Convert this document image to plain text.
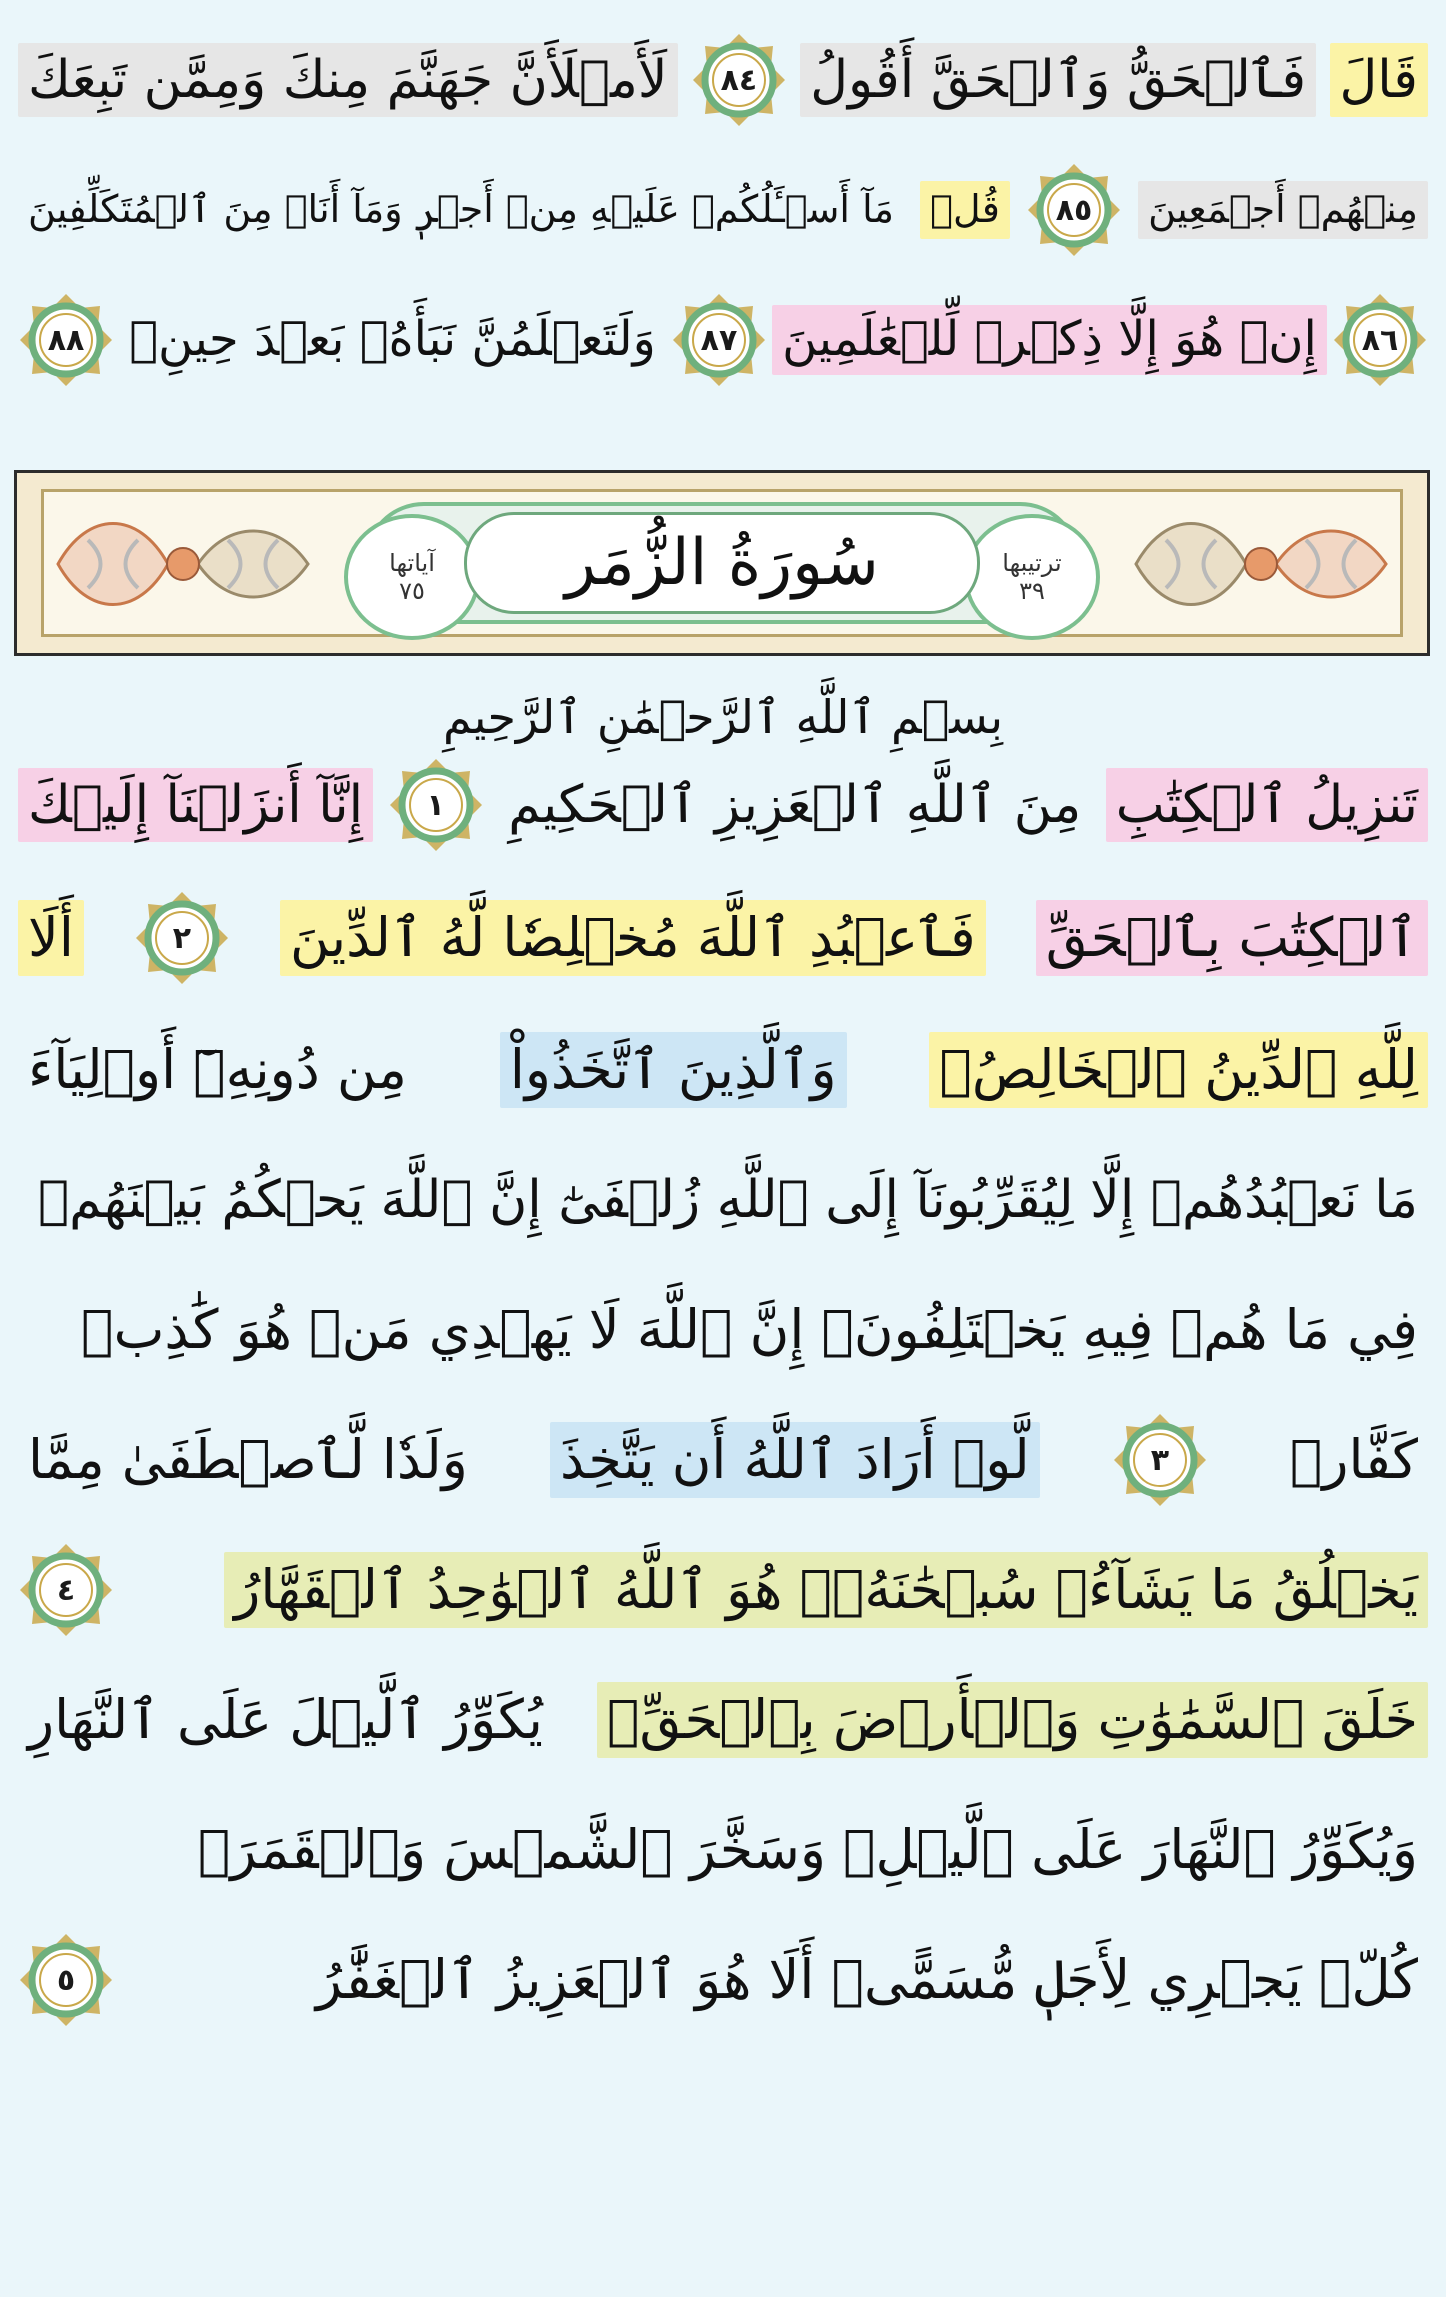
قَالَ
فَٱلۡحَقُّ وَٱلۡحَقَّ أَقُولُ
٨٤
لَأَمۡلَأَنَّ جَهَنَّمَ مِنكَ وَمِمَّن تَبِعَكَ
مِنۡهُمۡ أَجۡمَعِينَ
٨٥
قُلۡ
مَآ أَسۡـَٔلُكُمۡ عَلَيۡهِ مِنۡ أَجۡرٖ وَمَآ أَنَا۠ مِنَ ٱلۡمُتَكَلِّفِينَ
٨٦
إِنۡ هُوَ إِلَّا ذِكۡرٞ لِّلۡعَٰلَمِينَ
٨٧
وَلَتَعۡلَمُنَّ نَبَأَهُۥ بَعۡدَ حِينِۭ
٨٨
ترتيبها
٣٩
آياتها
٧٥ سُورَةُ الزُّمَر
بِسۡمِ ٱللَّهِ ٱلرَّحۡمَٰنِ ٱلرَّحِيمِ
تَنزِيلُ ٱلۡكِتَٰبِ
مِنَ ٱللَّهِ ٱلۡعَزِيزِ ٱلۡحَكِيمِ
١
إِنَّآ أَنزَلۡنَآ إِلَيۡكَ
ٱلۡكِتَٰبَ بِٱلۡحَقِّ
فَٱعۡبُدِ ٱللَّهَ مُخۡلِصٗا لَّهُ ٱلدِّينَ
٢
أَلَا
لِلَّهِ ٱلدِّينُ ٱلۡخَالِصُۚ
وَٱلَّذِينَ ٱتَّخَذُواْ
مِن دُونِهِۦٓ أَوۡلِيَآءَ
مَا نَعۡبُدُهُمۡ إِلَّا لِيُقَرِّبُونَآ إِلَى ٱللَّهِ زُلۡفَىٰٓ إِنَّ ٱللَّهَ يَحۡكُمُ بَيۡنَهُمۡ
فِي مَا هُمۡ فِيهِ يَخۡتَلِفُونَۗ إِنَّ ٱللَّهَ لَا يَهۡدِي مَنۡ هُوَ كَٰذِبٞ
كَفَّارٞ
٣
لَّوۡ أَرَادَ ٱللَّهُ أَن يَتَّخِذَ
وَلَدٗا لَّٱصۡطَفَىٰ مِمَّا
يَخۡلُقُ مَا يَشَآءُۚ سُبۡحَٰنَهُۥۖ هُوَ ٱللَّهُ ٱلۡوَٰحِدُ ٱلۡقَهَّارُ
٤
خَلَقَ ٱلسَّمَٰوَٰتِ وَٱلۡأَرۡضَ بِٱلۡحَقِّۖ
يُكَوِّرُ ٱلَّيۡلَ عَلَى ٱلنَّهَارِ
وَيُكَوِّرُ ٱلنَّهَارَ عَلَى ٱلَّيۡلِۖ وَسَخَّرَ ٱلشَّمۡسَ وَٱلۡقَمَرَۖ
كُلّٞ يَجۡرِي لِأَجَلٖ مُّسَمًّىۗ أَلَا هُوَ ٱلۡعَزِيزُ ٱلۡغَفَّٰرُ
٥
